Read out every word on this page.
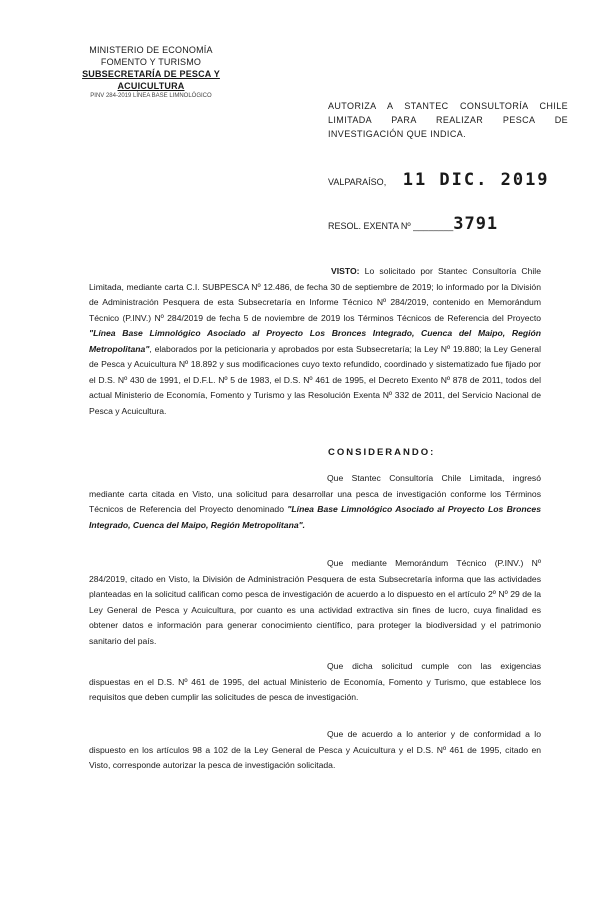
MINISTERIO DE ECONOMÍA
FOMENTO Y TURISMO
SUBSECRETARÍA DE PESCA Y ACUICULTURA
PINV 284-2019 LÍNEA BASE LIMNOLÓGICO
AUTORIZA A STANTEC CONSULTORÍA CHILE LIMITADA PARA REALIZAR PESCA DE INVESTIGACIÓN QUE INDICA.
VALPARAÍSO, 11 DIC. 2019
RESOL. EXENTA Nº ________3791
VISTO: Lo solicitado por Stantec Consultoría Chile Limitada, mediante carta C.I. SUBPESCA Nº 12.486, de fecha 30 de septiembre de 2019; lo informado por la División de Administración Pesquera de esta Subsecretaría en Informe Técnico Nº 284/2019, contenido en Memorándum Técnico (P.INV.) Nº 284/2019 de fecha 5 de noviembre de 2019 los Términos Técnicos de Referencia del Proyecto "Línea Base Limnológico Asociado al Proyecto Los Bronces Integrado, Cuenca del Maipo, Región Metropolitana", elaborados por la peticionaria y aprobados por esta Subsecretaría; la Ley Nº 19.880; la Ley General de Pesca y Acuicultura Nº 18.892 y sus modificaciones cuyo texto refundido, coordinado y sistematizado fue fijado por el D.S. Nº 430 de 1991, el D.F.L. Nº 5 de 1983, el D.S. Nº 461 de 1995, el Decreto Exento Nº 878 de 2011, todos del actual Ministerio de Economía, Fomento y Turismo y las Resolución Exenta Nº 332 de 2011, del Servicio Nacional de Pesca y Acuicultura.
CONSIDERANDO:
Que Stantec Consultoría Chile Limitada, ingresó mediante carta citada en Visto, una solicitud para desarrollar una pesca de investigación conforme los Términos Técnicos de Referencia del Proyecto denominado "Línea Base Limnológico Asociado al Proyecto Los Bronces Integrado, Cuenca del Maipo, Región Metropolitana".
Que mediante Memorándum Técnico (P.INV.) Nº 284/2019, citado en Visto, la División de Administración Pesquera de esta Subsecretaría informa que las actividades planteadas en la solicitud califican como pesca de investigación de acuerdo a lo dispuesto en el artículo 2º Nº 29 de la Ley General de Pesca y Acuicultura, por cuanto es una actividad extractiva sin fines de lucro, cuya finalidad es obtener datos e información para generar conocimiento científico, para proteger la biodiversidad y el patrimonio sanitario del país.
Que dicha solicitud cumple con las exigencias dispuestas en el D.S. Nº 461 de 1995, del actual Ministerio de Economía, Fomento y Turismo, que establece los requisitos que deben cumplir las solicitudes de pesca de investigación.
Que de acuerdo a lo anterior y de conformidad a lo dispuesto en los artículos 98 a 102 de la Ley General de Pesca y Acuicultura y el D.S. Nº 461 de 1995, citado en Visto, corresponde autorizar la pesca de investigación solicitada.
